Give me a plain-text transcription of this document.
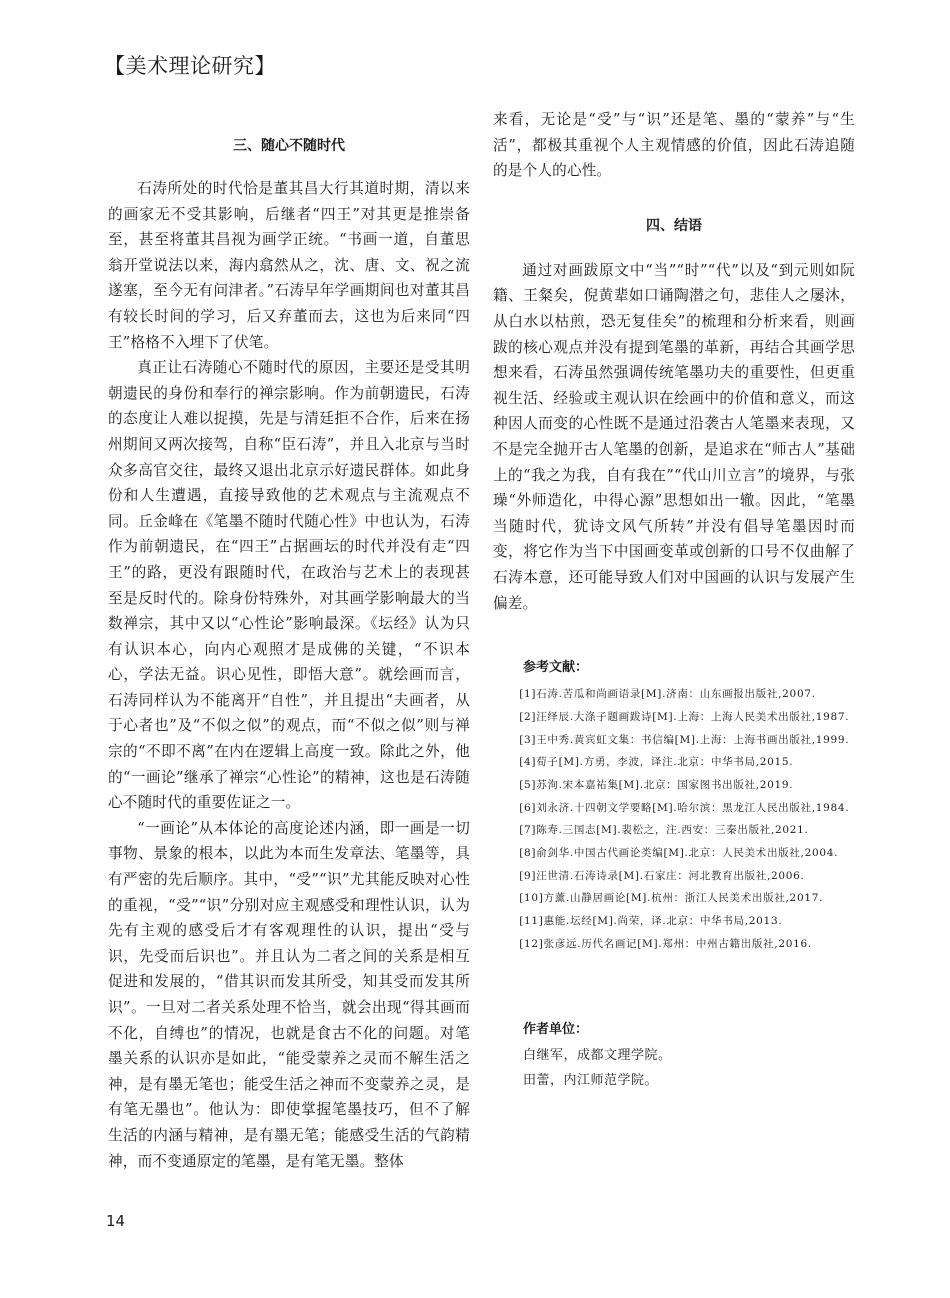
【美术理论研究】
三、随心不随时代

石涛所处的时代恰是董其昌大行其道时期，清以来的画家无不受其影响，后继者“四王”对其更是推崇备至，甚至将董其昌视为画学正统。“书画一道，自董思翁开堂说法以来，海内翕然从之，沈、唐、文、祝之流遂塞，至今无有问津者。”石涛早年学画期间也对董其昌有较长时间的学习，后又弃董而去，这也为后来同“四王”格格不入埋下了伏笔。

真正让石涛随心不随时代的原因，主要还是受其明朝遗民的身份和奉行的禅宗影响。作为前朝遗民，石涛的态度让人难以捉摸，先是与清廷拒不合作，后来在扬州期间又两次接驾，自称“臣石涛”，并且入北京与当时众多高官交往，最终又退出北京示好遗民群体。如此身份和人生遭遇，直接导致他的艺术观点与主流观点不同。丘金峰在《笔墨不随时代随心性》中也认为，石涛作为前朝遗民，在“四王”占据画坛的时代并没有走“四王”的路，更没有跟随时代，在政治与艺术上的表现甚至是反时代的。除身份特殊外，对其画学影响最大的当数禅宗，其中又以“心性论”影响最深。《坛经》认为只有认识本心，向内心观照才是成佛的关键，“不识本心，学法无益。识心见性，即悟大意”。就绘画而言，石涛同样认为不能离开“自性”，并且提出“夫画者，从于心者也”及“不似之似”的观点，而“不似之似”则与禅宗的“不即不离”在内在逻辑上高度一致。除此之外，他的“一画论”继承了禅宗“心性论”的精神，这也是石涛随心不随时代的重要佐证之一。

“一画论”从本体论的高度论述内涵，即一画是一切事物、景象的根本，以此为本而生发章法、笔墨等，具有严密的先后顺序。其中，“受”“识”尤其能反映对心性的重视，“受”“识”分别对应主观感受和理性认识，认为先有主观的感受后才有客观理性的认识，提出“受与识，先受而后识也”。并且认为二者之间的关系是相互促进和发展的，“借其识而发其所受，知其受而发其所识”。一旦对二者关系处理不恰当，就会出现“得其画而不化，自缚也”的情况，也就是食古不化的问题。对笔墨关系的认识亦是如此，“能受蒙养之灵而不解生活之神，是有墨无笔也；能受生活之神而不变蒙养之灵，是有笔无墨也”。他认为：即使掌握笔墨技巧，但不了解生活的内涵与精神，是有墨无笔；能感受生活的气韵精神，而不变通原定的笔墨，是有笔无墨。整体

来看，无论是“受”与“识”还是笔、墨的“蒙养”与“生活”，都极其重视个人主观情感的价值，因此石涛追随的是个人的心性。

四、结语

通过对画跋原文中“当”“时”“代”以及“到元则如阮籍、王粲矣，倪黄辈如口诵陶潜之句，悲佳人之屡沐，从白水以枯煎，恐无复佳矣”的梳理和分析来看，则画跋的核心观点并没有提到笔墨的革新，再结合其画学思想来看，石涛虽然强调传统笔墨功夫的重要性，但更重视生活、经验或主观认识在绘画中的价值和意义，而这种因人而变的心性既不是通过沿袭古人笔墨来表现，又不是完全抛开古人笔墨的创新，是追求在“师古人”基础上的“我之为我，自有我在”“代山川立言”的境界，与张璪“外师造化，中得心源”思想如出一辙。因此，“笔墨当随时代，犹诗文风气所转”并没有倡导笔墨因时而变，将它作为当下中国画变革或创新的口号不仅曲解了石涛本意，还可能导致人们对中国画的认识与发展产生偏差。

参考文献：
[1]石涛.苦瓜和尚画语录[M].济南：山东画报出版社,2007.
[2]汪绎辰.大涤子题画跋诗[M].上海：上海人民美术出版社,1987.
[3]王中秀.黄宾虹文集：书信编[M].上海：上海书画出版社,1999.
[4]荀子[M].方勇，李波，译注.北京：中华书局,2015.
[5]苏洵.宋本嘉祐集[M].北京：国家图书出版社,2019.
[6]刘永济.十四朝文学要略[M].哈尔滨：黑龙江人民出版社,1984.
[7]陈寿.三国志[M].裴松之，注.西安：三秦出版社,2021.
[8]俞剑华.中国古代画论类编[M].北京：人民美术出版社,2004.
[9]汪世清.石涛诗录[M].石家庄：河北教育出版社,2006.
[10]方薰.山静居画论[M].杭州：浙江人民美术出版社,2017.
[11]惠能.坛经[M].尚荣，译.北京：中华书局,2013.
[12]张彦远.历代名画记[M].郑州：中州古籍出版社,2016.
作者单位：

白继军，成都文理学院。

田蕾，内江师范学院。

14
